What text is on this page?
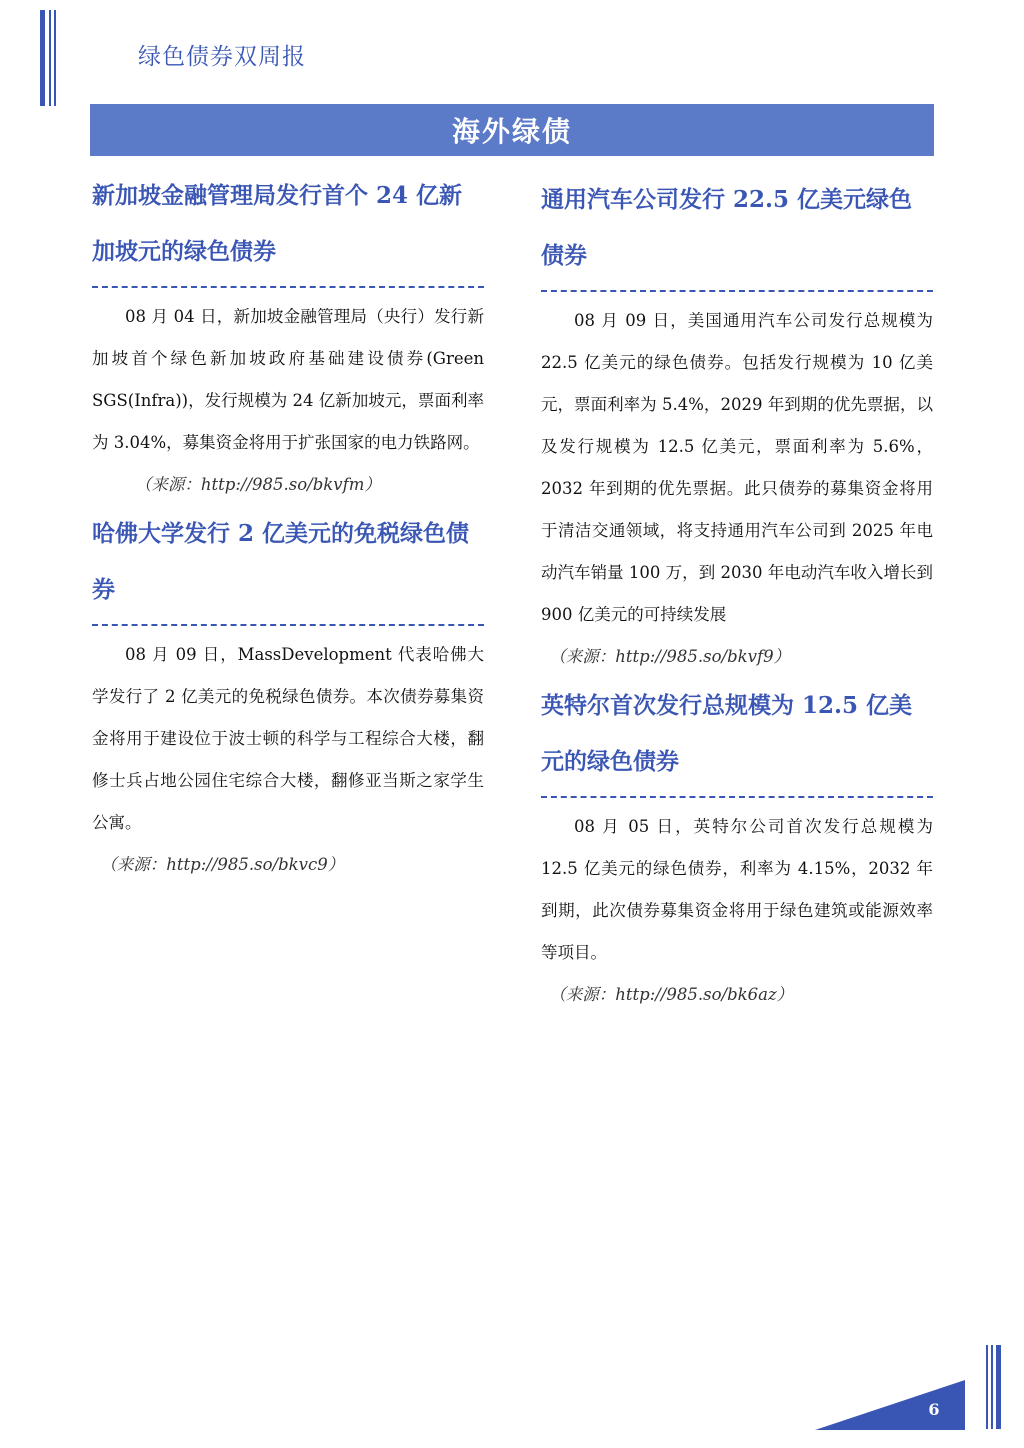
绿色债券双周报
海外绿债
新加坡金融管理局发行首个 24 亿新加坡元的绿色债券

08 月 04 日，新加坡金融管理局（央行）发行新加坡首个绿色新加坡政府基础建设债券(Green SGS(Infra))，发行规模为 24 亿新加坡元，票面利率为 3.04%，募集资金将用于扩张国家的电力铁路网。

（来源：http://985.so/bkvfm）

哈佛大学发行 2 亿美元的免税绿色债券

08 月 09 日，MassDevelopment 代表哈佛大学发行了 2 亿美元的免税绿色债券。本次债券募集资金将用于建设位于波士顿的科学与工程综合大楼，翻修士兵占地公园住宅综合大楼，翻修亚当斯之家学生公寓。

（来源：http://985.so/bkvc9）

通用汽车公司发行 22.5 亿美元绿色债券

08 月 09 日，美国通用汽车公司发行总规模为 22.5 亿美元的绿色债券。包括发行规模为 10 亿美元，票面利率为 5.4%，2029 年到期的优先票据，以及发行规模为 12.5 亿美元，票面利率为 5.6%，2032 年到期的优先票据。此只债券的募集资金将用于清洁交通领域，将支持通用汽车公司到 2025 年电动汽车销量 100 万，到 2030 年电动汽车收入增长到 900 亿美元的可持续发展

（来源：http://985.so/bkvf9）

英特尔首次发行总规模为 12.5 亿美元的绿色债券

08 月 05 日，英特尔公司首次发行总规模为 12.5 亿美元的绿色债券，利率为 4.15%，2032 年到期，此次债券募集资金将用于绿色建筑或能源效率等项目。

（来源：http://985.so/bk6az）

6
